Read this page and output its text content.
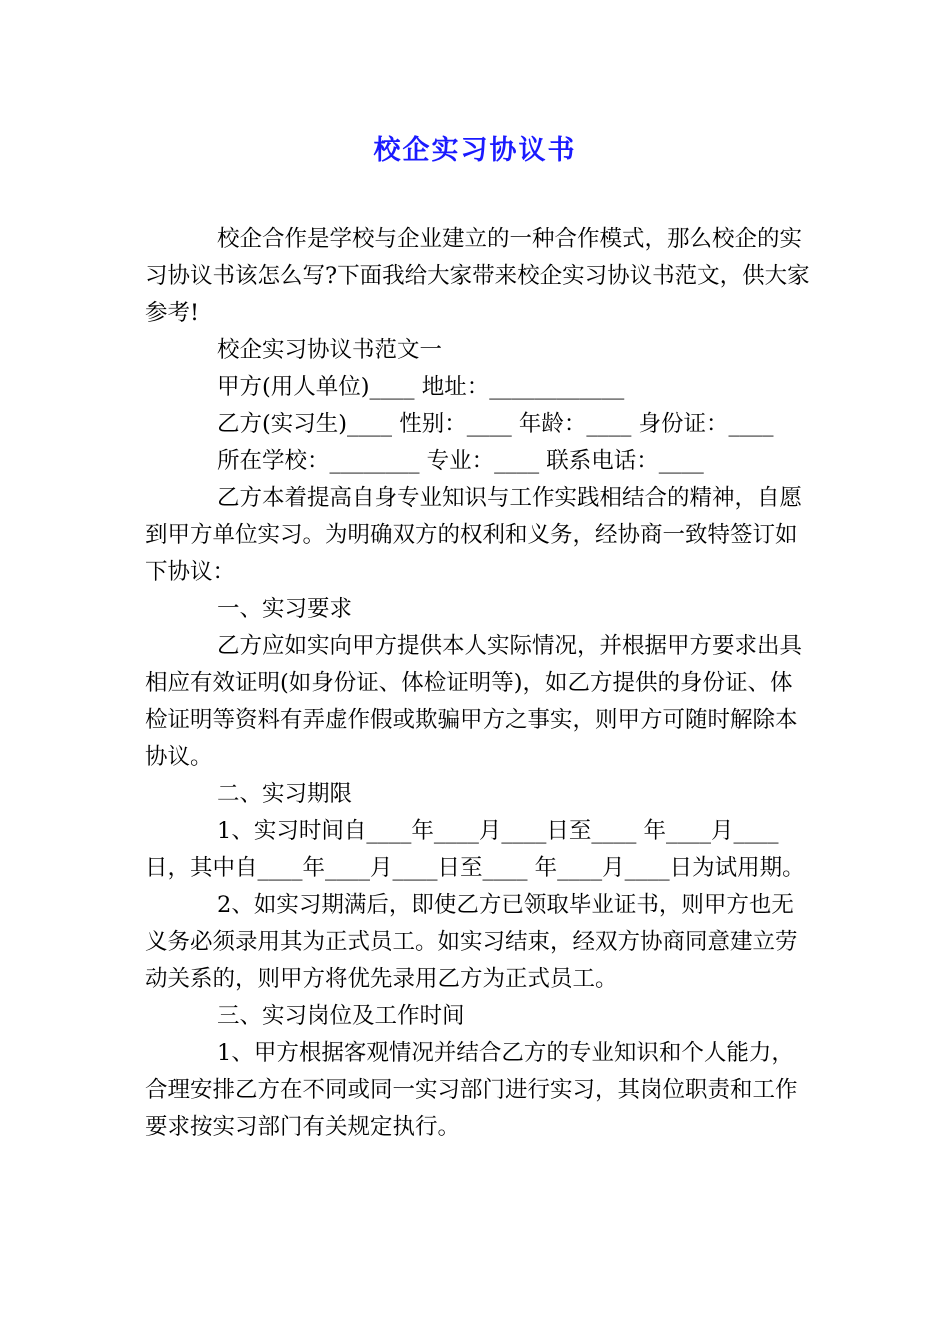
校企实习协议书

校企合作是学校与企业建立的一种合作模式，那么校企的实习协议书该怎么写?下面我给大家带来校企实习协议书范文，供大家参考!

校企实习协议书范文一

甲方(用人单位)____ 地址：____________

乙方(实习生)____ 性别：____ 年龄：____ 身份证：____

所在学校：________ 专业：____ 联系电话：____

乙方本着提高自身专业知识与工作实践相结合的精神，自愿到甲方单位实习。为明确双方的权利和义务，经协商一致特签订如下协议：

一、实习要求

乙方应如实向甲方提供本人实际情况，并根据甲方要求出具相应有效证明(如身份证、体检证明等)，如乙方提供的身份证、体检证明等资料有弄虚作假或欺骗甲方之事实，则甲方可随时解除本协议。

二、实习期限

1、实习时间自____年____月____日至____ 年____月____日，其中自____年____月____日至____ 年____月____日为试用期。

2、如实习期满后，即使乙方已领取毕业证书，则甲方也无义务必须录用其为正式员工。如实习结束，经双方协商同意建立劳动关系的，则甲方将优先录用乙方为正式员工。

三、实习岗位及工作时间

1、甲方根据客观情况并结合乙方的专业知识和个人能力，合理安排乙方在不同或同一实习部门进行实习，其岗位职责和工作要求按实习部门有关规定执行。
